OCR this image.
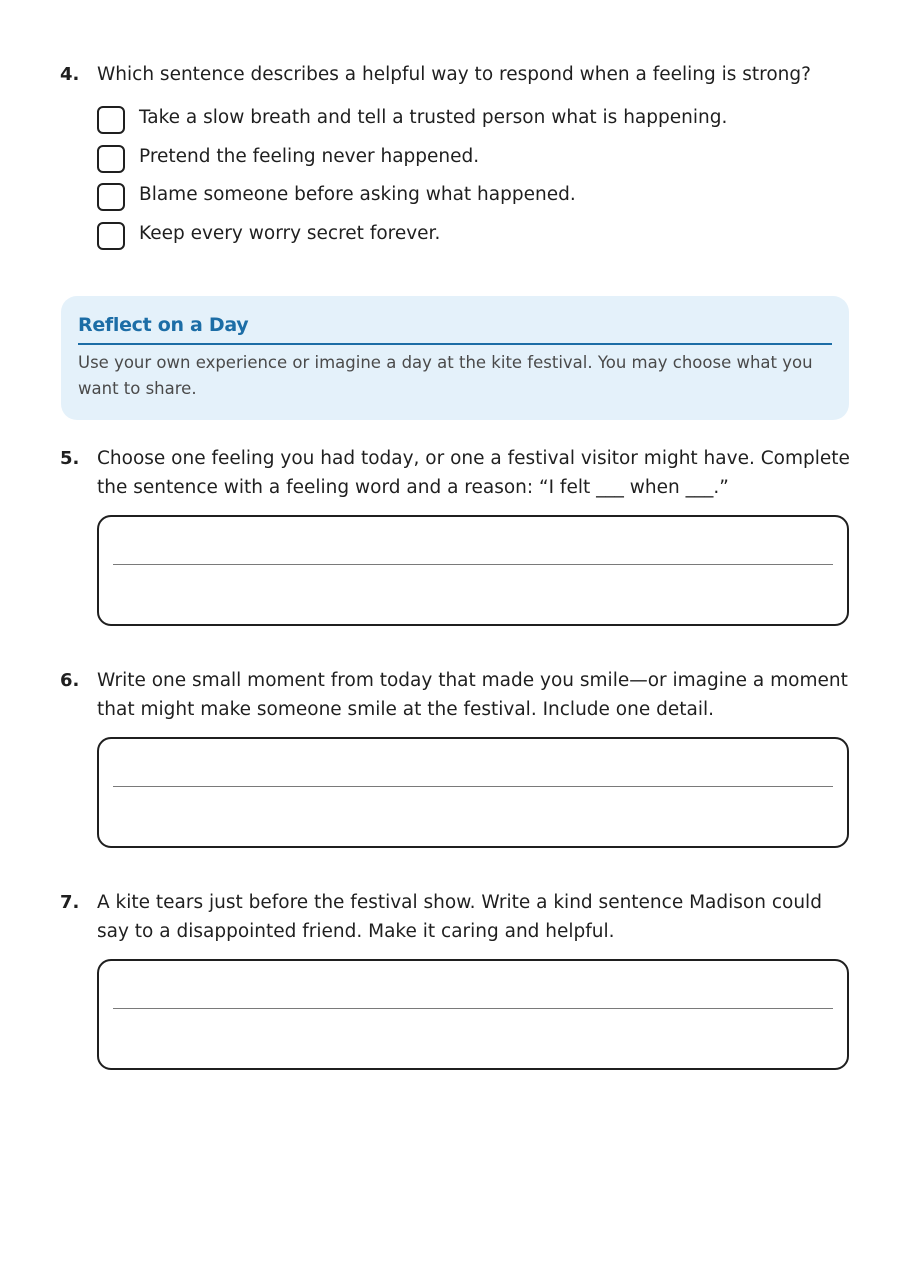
4. Which sentence describes a helpful way to respond when a feeling is strong?
Take a slow breath and tell a trusted person what is happening.
Pretend the feeling never happened.
Blame someone before asking what happened.
Keep every worry secret forever.
Reflect on a Day
Use your own experience or imagine a day at the kite festival. You may choose what you want to share.
5. Choose one feeling you had today, or one a festival visitor might have. Complete the sentence with a feeling word and a reason: “I felt ___ when ___.”
6. Write one small moment from today that made you smile—or imagine a moment that might make someone smile at the festival. Include one detail.
7. A kite tears just before the festival show. Write a kind sentence Madison could say to a disappointed friend. Make it caring and helpful.
